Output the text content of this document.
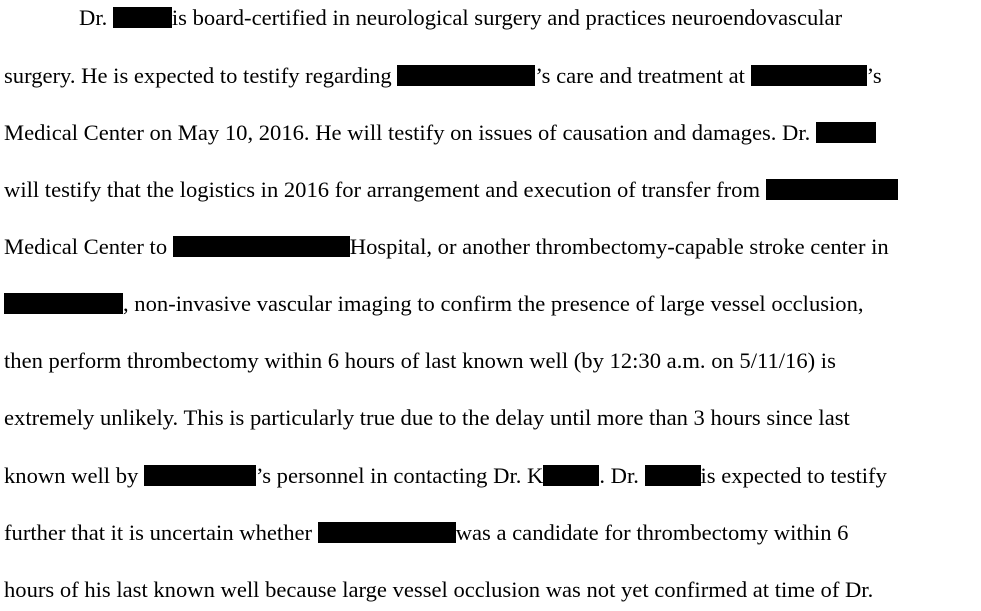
Dr.	is board-certified in neurological surgery and practices neuroendovascular
surgery. He is expected to testify regarding	’s care and treatment at	’s
Medical Center on May 10, 2016. He will testify on issues of causation and damages. Dr.
will testify that the logistics in 2016 for arrangement and execution of transfer from
Medical Center to	Hospital, or another thrombectomy-capable stroke center in
, non-invasive vascular imaging to confirm the presence of large vessel occlusion,
then perform thrombectomy within 6 hours of last known well (by 12:30 a.m. on 5/11/16) is
extremely unlikely. This is particularly true due to the delay until more than 3 hours since last
known well by	’s personnel in contacting Dr. K . Dr. is expected to testify
further that it is uncertain whether	was a candidate for thrombectomy within 6
hours of his last known well because large vessel occlusion was not yet confirmed at time of Dr.
